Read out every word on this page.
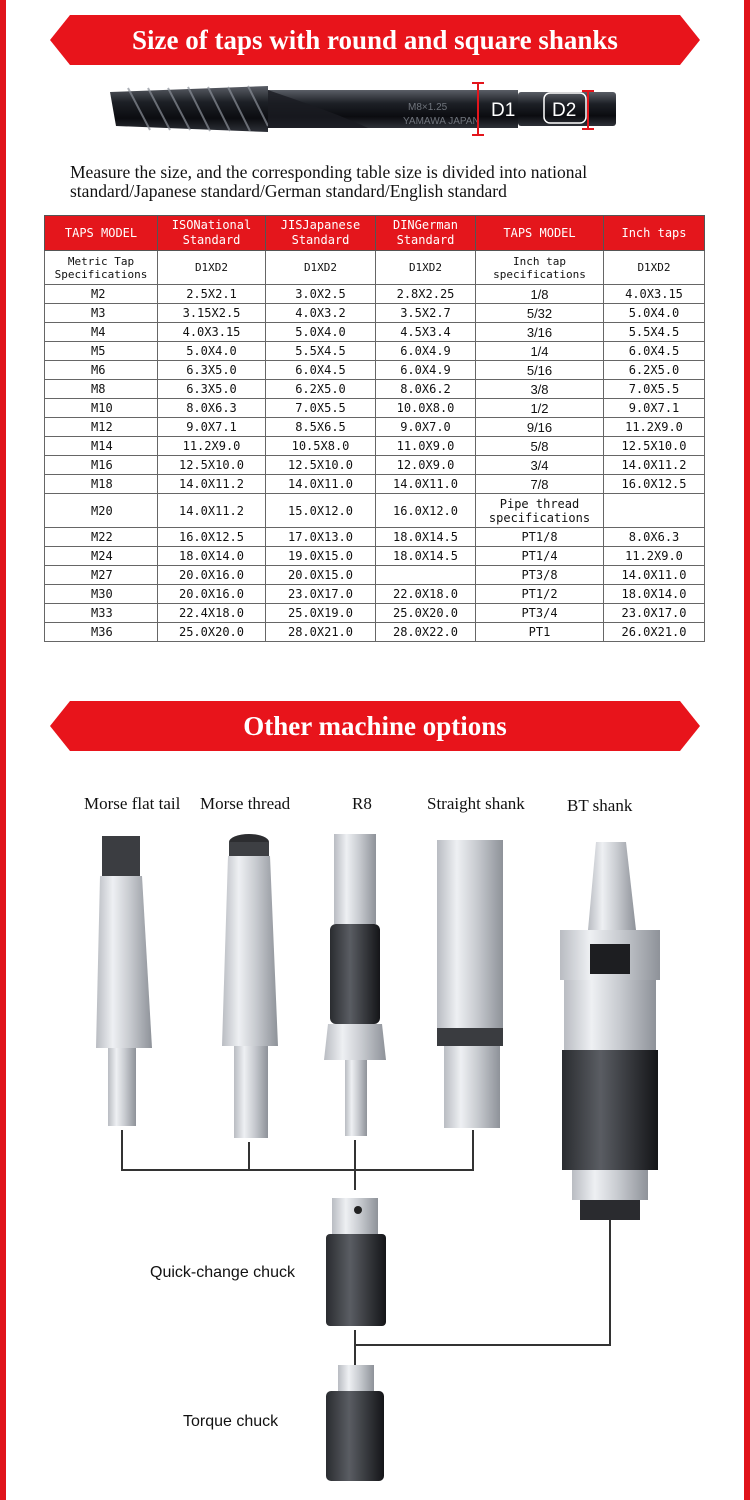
Size of taps with round and square shanks
M8×1.25
YAMAWA JAPAN
D1 D2
Measure the size, and the corresponding table size is divided into national standard/Japanese standard/German standard/English standard
TAPS MODEL	ISONational Standard	JISJapanese Standard	DINGerman Standard	TAPS MODEL	Inch taps
Metric Tap Specifications	D1XD2	D1XD2	D1XD2	Inch tap specifications	D1XD2
M2	2.5X2.1	3.0X2.5	2.8X2.25	1/8	4.0X3.15
M3	3.15X2.5	4.0X3.2	3.5X2.7	5/32	5.0X4.0
M4	4.0X3.15	5.0X4.0	4.5X3.4	3/16	5.5X4.5
M5	5.0X4.0	5.5X4.5	6.0X4.9	1/4	6.0X4.5
M6	6.3X5.0	6.0X4.5	6.0X4.9	5/16	6.2X5.0
M8	6.3X5.0	6.2X5.0	8.0X6.2	3/8	7.0X5.5
M10	8.0X6.3	7.0X5.5	10.0X8.0	1/2	9.0X7.1
M12	9.0X7.1	8.5X6.5	9.0X7.0	9/16	11.2X9.0
M14	11.2X9.0	10.5X8.0	11.0X9.0	5/8	12.5X10.0
M16	12.5X10.0	12.5X10.0	12.0X9.0	3/4	14.0X11.2
M18	14.0X11.2	14.0X11.0	14.0X11.0	7/8	16.0X12.5
M20	14.0X11.2	15.0X12.0	16.0X12.0	Pipe thread specifications	
M22	16.0X12.5	17.0X13.0	18.0X14.5	PT1/8	8.0X6.3
M24	18.0X14.0	19.0X15.0	18.0X14.5	PT1/4	11.2X9.0
M27	20.0X16.0	20.0X15.0		PT3/8	14.0X11.0
M30	20.0X16.0	23.0X17.0	22.0X18.0	PT1/2	18.0X14.0
M33	22.4X18.0	25.0X19.0	25.0X20.0	PT3/4	23.0X17.0
M36	25.0X20.0	28.0X21.0	28.0X22.0	PT1	26.0X21.0
Other machine options
Morse flat tail Morse thread	R8	Straight shank BT shank
Quick-change chuck
Torque chuck
